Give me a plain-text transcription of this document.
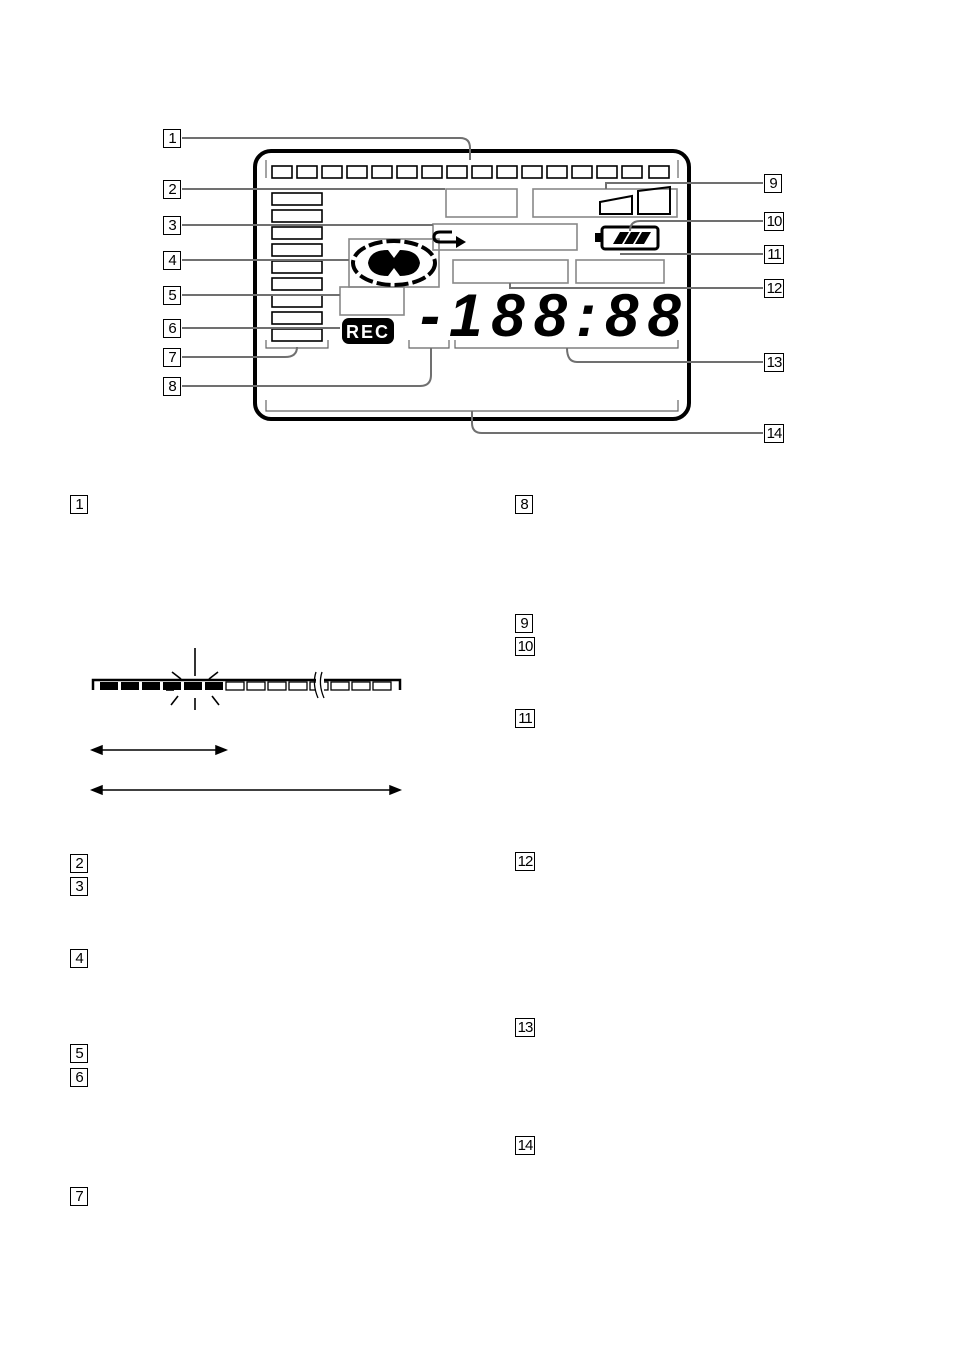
REC -188:88
1
2
3
4
5
6
7
8
9
10
11
12
13
14
1
2
3
4
5
6
7
8
9
10
11
12
13
14
